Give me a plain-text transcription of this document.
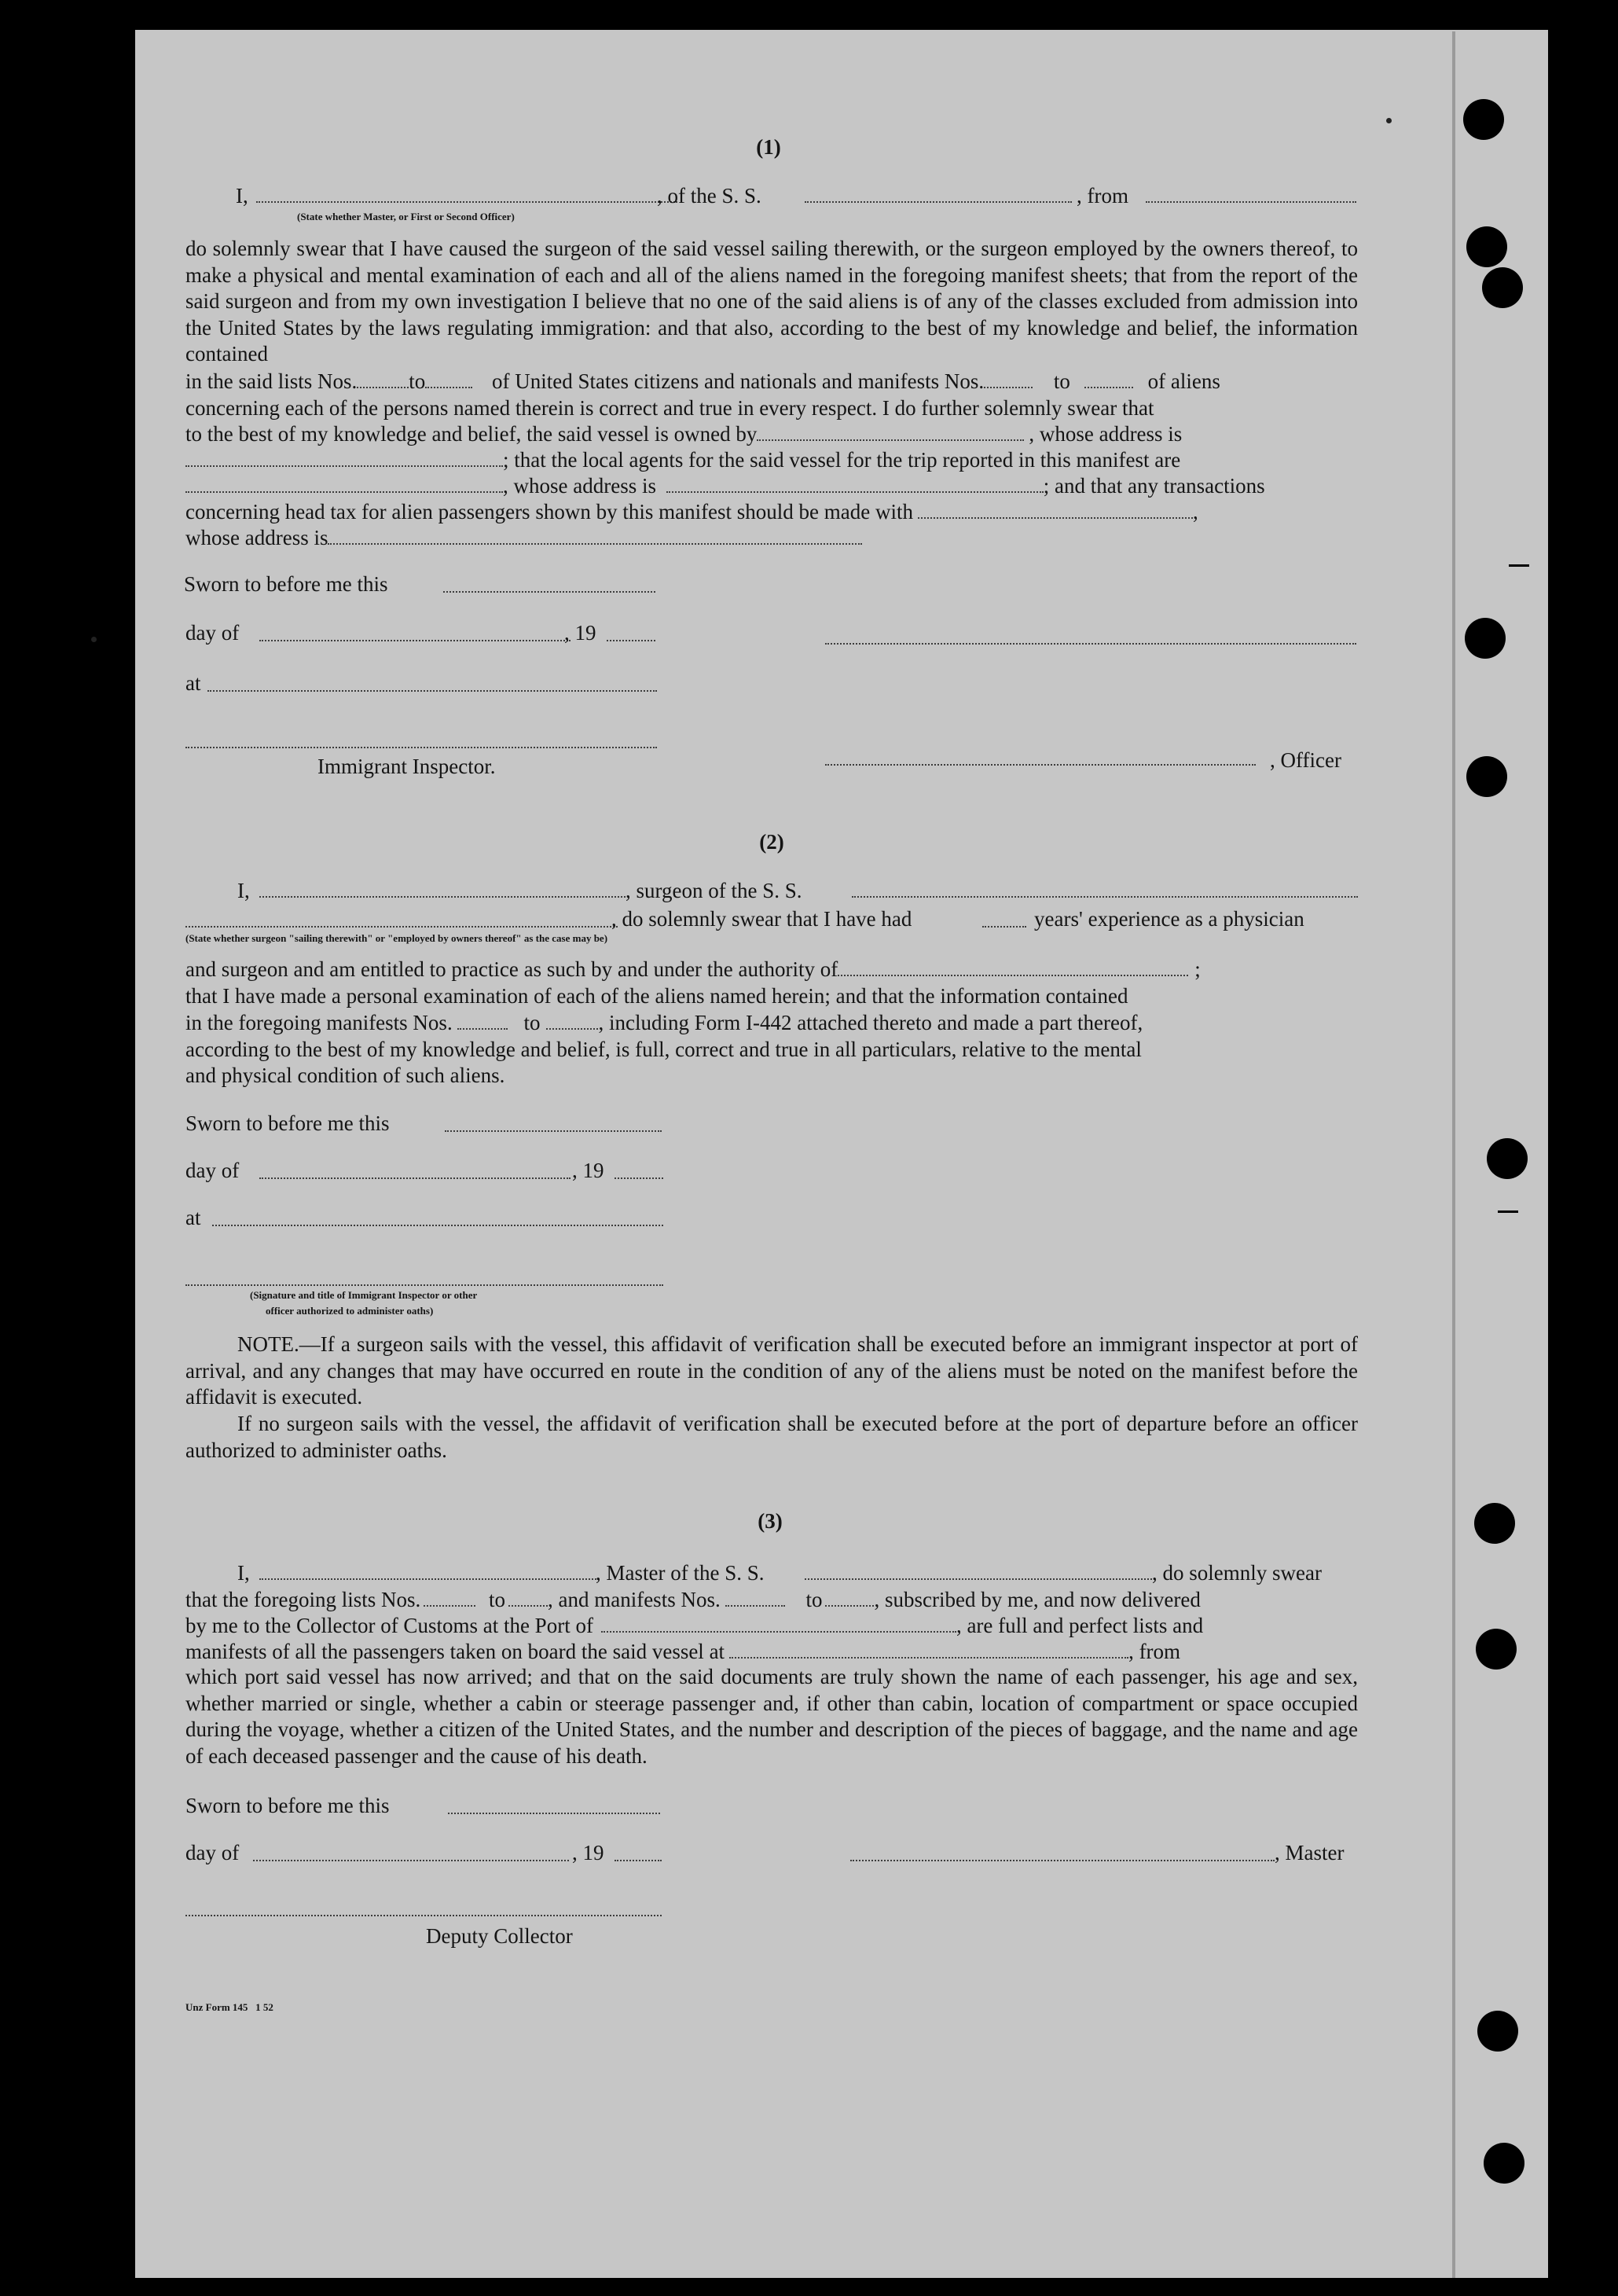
(1)
I,	, of the S. S.	, from
(State whether Master, or First or Second Officer)
do solemnly swear that I have caused the surgeon of the said vessel sailing therewith, or the surgeon employed by the owners thereof, to make a physical and mental examination of each and all of the aliens named in the foregoing manifest sheets; that from the report of the said surgeon and from my own investigation I believe that no one of the said aliens is of any of the classes excluded from admission into the United States by the laws regulating immigration: and that also, according to the best of my knowledge and belief, the information contained
in the said lists Nos. to	of United States citizens and nationals and manifests Nos.	to	of aliens
concerning each of the persons named therein is correct and true in every respect. I do further solemnly swear that
to the best of my knowledge and belief, the said vessel is owned by	, whose address is
; that the local agents for the said vessel for the trip reported in this manifest are
, whose address is	; and that any transactions
concerning head tax for alien passengers shown by this manifest should be made with	,
whose address is
Sworn to before me this
day of	, 19
at
Immigrant Inspector.	, Officer
(2)
I,	, surgeon of the S. S.
, do solemnly swear that I have had	years' experience as a physician
(State whether surgeon "sailing therewith" or "employed by owners thereof" as the case may be)
and surgeon and am entitled to practice as such by and under the authority of	;
that I have made a personal examination of each of the aliens named herein; and that the information contained
in the foregoing manifests Nos.	to	, including Form I-442 attached thereto and made a part thereof,
according to the best of my knowledge and belief, is full, correct and true in all particulars, relative to the mental
and physical condition of such aliens.
Sworn to before me this
day of	, 19
at
(Signature and title of Immigrant Inspector or other
officer authorized to administer oaths)
NOTE.—If a surgeon sails with the vessel, this affidavit of verification shall be executed before an immigrant inspector at port of arrival, and any changes that may have occurred en route in the condition of any of the aliens must be noted on the manifest before the affidavit is executed.
If no surgeon sails with the vessel, the affidavit of verification shall be executed before at the port of departure before an officer authorized to administer oaths.
(3)
I,	, Master of the S. S.	, do solemnly swear
that the foregoing lists Nos.	to , and manifests Nos.	to , subscribed by me, and now delivered
by me to the Collector of Customs at the Port of	, are full and perfect lists and
manifests of all the passengers taken on board the said vessel at	, from
which port said vessel has now arrived; and that on the said documents are truly shown the name of each passenger, his age and sex, whether married or single, whether a cabin or steerage passenger and, if other than cabin, location of compartment or space occupied during the voyage, whether a citizen of the United States, and the number and description of the pieces of baggage, and the name and age of each deceased passenger and the cause of his death.
Sworn to before me this
day of	, 19	, Master
Deputy Collector
Unz Form 145   1 52
